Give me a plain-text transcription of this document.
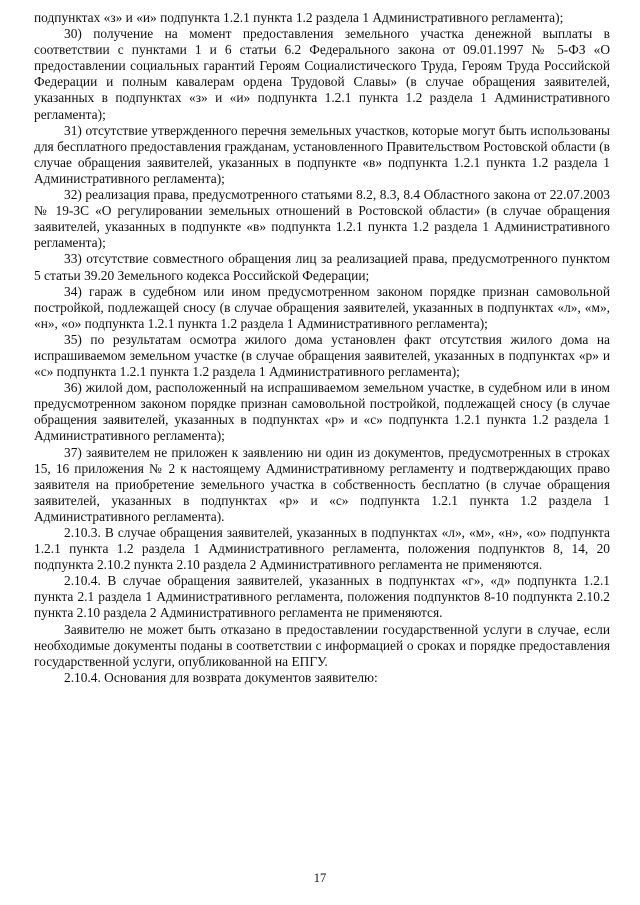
подпунктах «з» и «и» подпункта 1.2.1 пункта 1.2 раздела 1 Административного регламента);

30) получение на момент предоставления земельного участка денежной выплаты в соответствии с пунктами 1 и 6 статьи 6.2 Федерального закона от 09.01.1997 № 5-ФЗ «О предоставлении социальных гарантий Героям Социалистического Труда, Героям Труда Российской Федерации и полным кавалерам ордена Трудовой Славы» (в случае обращения заявителей, указанных в подпунктах «з» и «и» подпункта 1.2.1 пункта 1.2 раздела 1 Административного регламента);

31) отсутствие утвержденного перечня земельных участков, которые могут быть использованы для бесплатного предоставления гражданам, установленного Правительством Ростовской области (в случае обращения заявителей, указанных в подпункте «в» подпункта 1.2.1 пункта 1.2 раздела 1 Административного регламента);

32) реализация права, предусмотренного статьями 8.2, 8.3, 8.4 Областного закона от 22.07.2003 № 19-ЗС «О регулировании земельных отношений в Ростовской области» (в случае обращения заявителей, указанных в подпункте «в» подпункта 1.2.1 пункта 1.2 раздела 1 Административного регламента);

33) отсутствие совместного обращения лиц за реализацией права, предусмотренного пунктом 5 статьи 39.20 Земельного кодекса Российской Федерации;

34) гараж в судебном или ином предусмотренном законом порядке признан самовольной постройкой, подлежащей сносу (в случае обращения заявителей, указанных в подпунктах «л», «м», «н», «о» подпункта 1.2.1 пункта 1.2 раздела 1 Административного регламента);

35) по результатам осмотра жилого дома установлен факт отсутствия жилого дома на испрашиваемом земельном участке (в случае обращения заявителей, указанных в подпунктах «р» и «с» подпункта 1.2.1 пункта 1.2 раздела 1 Административного регламента);

36) жилой дом, расположенный на испрашиваемом земельном участке, в судебном или в ином предусмотренном законом порядке признан самовольной постройкой, подлежащей сносу (в случае обращения заявителей, указанных в подпунктах «р» и «с» подпункта 1.2.1 пункта 1.2 раздела 1 Административного регламента);

37) заявителем не приложен к заявлению ни один из документов, предусмотренных в строках 15, 16 приложения № 2 к настоящему Административному регламенту и подтверждающих право заявителя на приобретение земельного участка в собственность бесплатно (в случае обращения заявителей, указанных в подпунктах «р» и «с» подпункта 1.2.1 пункта 1.2 раздела 1 Административного регламента).

2.10.3. В случае обращения заявителей, указанных в подпунктах «л», «м», «н», «о» подпункта 1.2.1 пункта 1.2 раздела 1 Административного регламента, положения подпунктов 8, 14, 20 подпункта 2.10.2 пункта 2.10 раздела 2 Административного регламента не применяются.

2.10.4. В случае обращения заявителей, указанных в подпунктах «г», «д» подпункта 1.2.1 пункта 2.1 раздела 1 Административного регламента, положения подпунктов 8-10 подпункта 2.10.2 пункта 2.10 раздела 2 Административного регламента не применяются.

Заявителю не может быть отказано в предоставлении государственной услуги в случае, если необходимые документы поданы в соответствии с информацией о сроках и порядке предоставления государственной услуги, опубликованной на ЕПГУ.

2.10.4. Основания для возврата документов заявителю:

17
